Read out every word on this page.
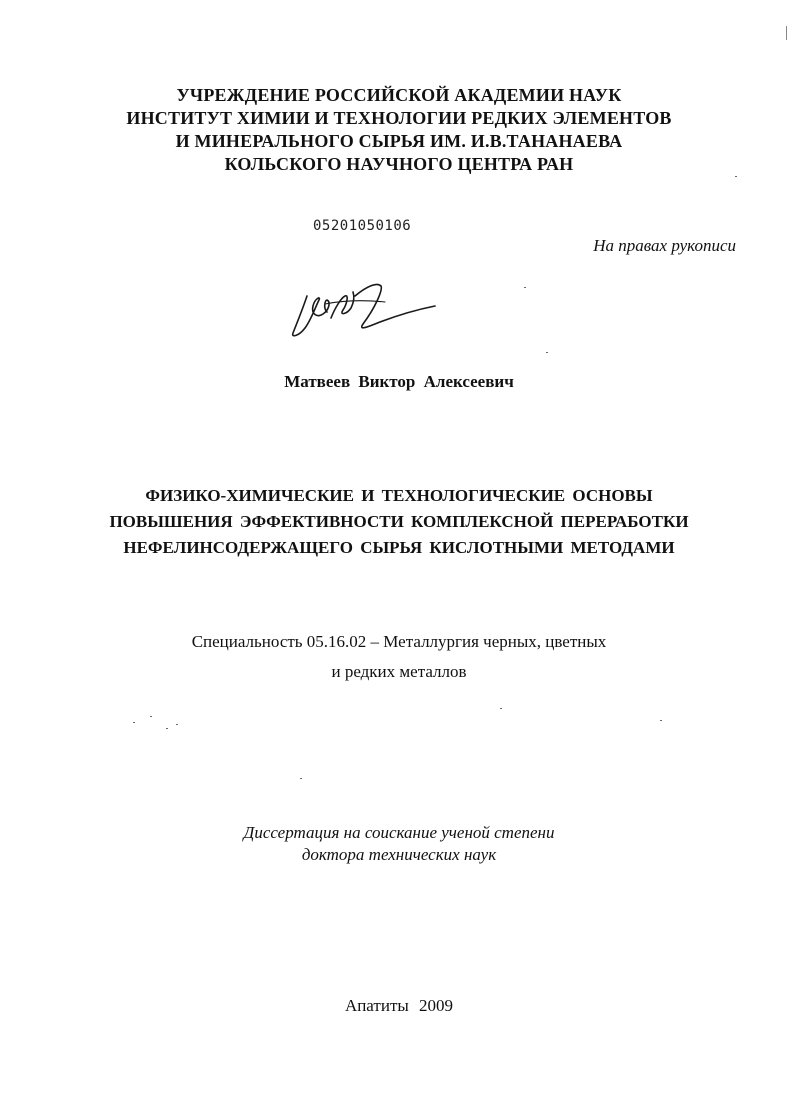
УЧРЕЖДЕНИЕ РОССИЙСКОЙ АКАДЕМИИ НАУК
ИНСТИТУТ ХИМИИ И ТЕХНОЛОГИИ РЕДКИХ ЭЛЕМЕНТОВ
И МИНЕРАЛЬНОГО СЫРЬЯ ИМ. И.В.ТАНАНАЕВА
КОЛЬСКОГО НАУЧНОГО ЦЕНТРА РАН
05201050106
На правах рукописи
Матвеев Виктор Алексеевич
ФИЗИКО-ХИМИЧЕСКИЕ И ТЕХНОЛОГИЧЕСКИЕ ОСНОВЫ
ПОВЫШЕНИЯ ЭФФЕКТИВНОСТИ КОМПЛЕКСНОЙ ПЕРЕРАБОТКИ
НЕФЕЛИНСОДЕРЖАЩЕГО СЫРЬЯ КИСЛОТНЫМИ МЕТОДАМИ
Специальность 05.16.02 – Металлургия черных, цветных
и редких металлов
Диссертация на соискание ученой степени
доктора технических наук
Апатиты 2009
